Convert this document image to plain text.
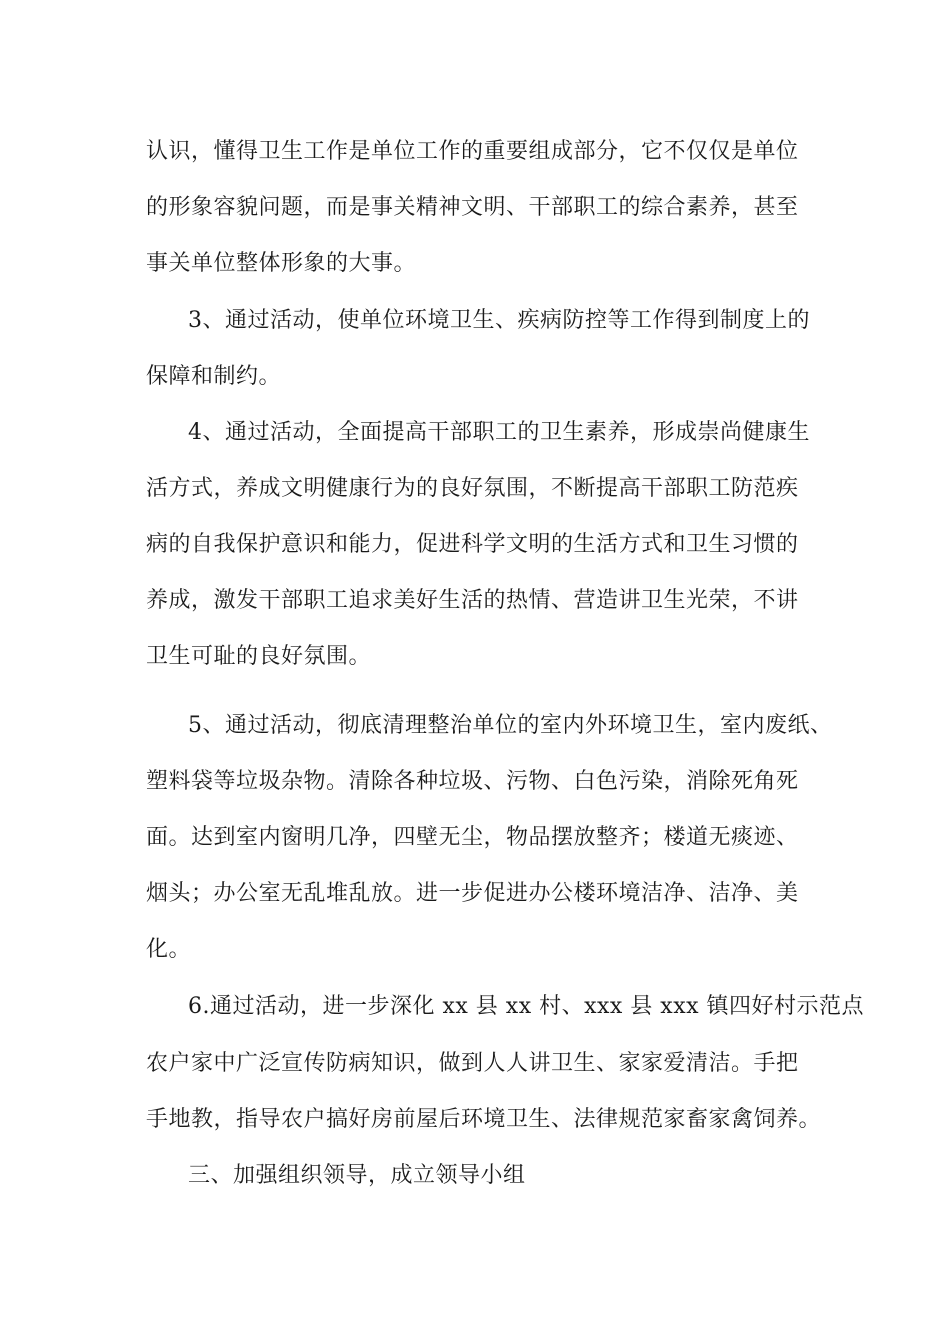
认识，懂得卫生工作是单位工作的重要组成部分，它不仅仅是单位
的形象容貌问题，而是事关精神文明、干部职工的综合素养，甚至
事关单位整体形象的大事。
3、通过活动，使单位环境卫生、疾病防控等工作得到制度上的
保障和制约。
4、通过活动，全面提高干部职工的卫生素养，形成崇尚健康生
活方式，养成文明健康行为的良好氛围，不断提高干部职工防范疾
病的自我保护意识和能力，促进科学文明的生活方式和卫生习惯的
养成，激发干部职工追求美好生活的热情、营造讲卫生光荣，不讲
卫生可耻的良好氛围。
5、通过活动，彻底清理整治单位的室内外环境卫生，室内废纸、
塑料袋等垃圾杂物。清除各种垃圾、污物、白色污染，消除死角死
面。达到室内窗明几净，四壁无尘，物品摆放整齐；楼道无痰迹、
烟头；办公室无乱堆乱放。进一步促进办公楼环境洁净、洁净、美
化。
6.通过活动，进一步深化 xx 县 xx 村、xxx 县 xxx 镇四好村示范点
农户家中广泛宣传防病知识，做到人人讲卫生、家家爱清洁。手把
手地教，指导农户搞好房前屋后环境卫生、法律规范家畜家禽饲养。
三、加强组织领导，成立领导小组
